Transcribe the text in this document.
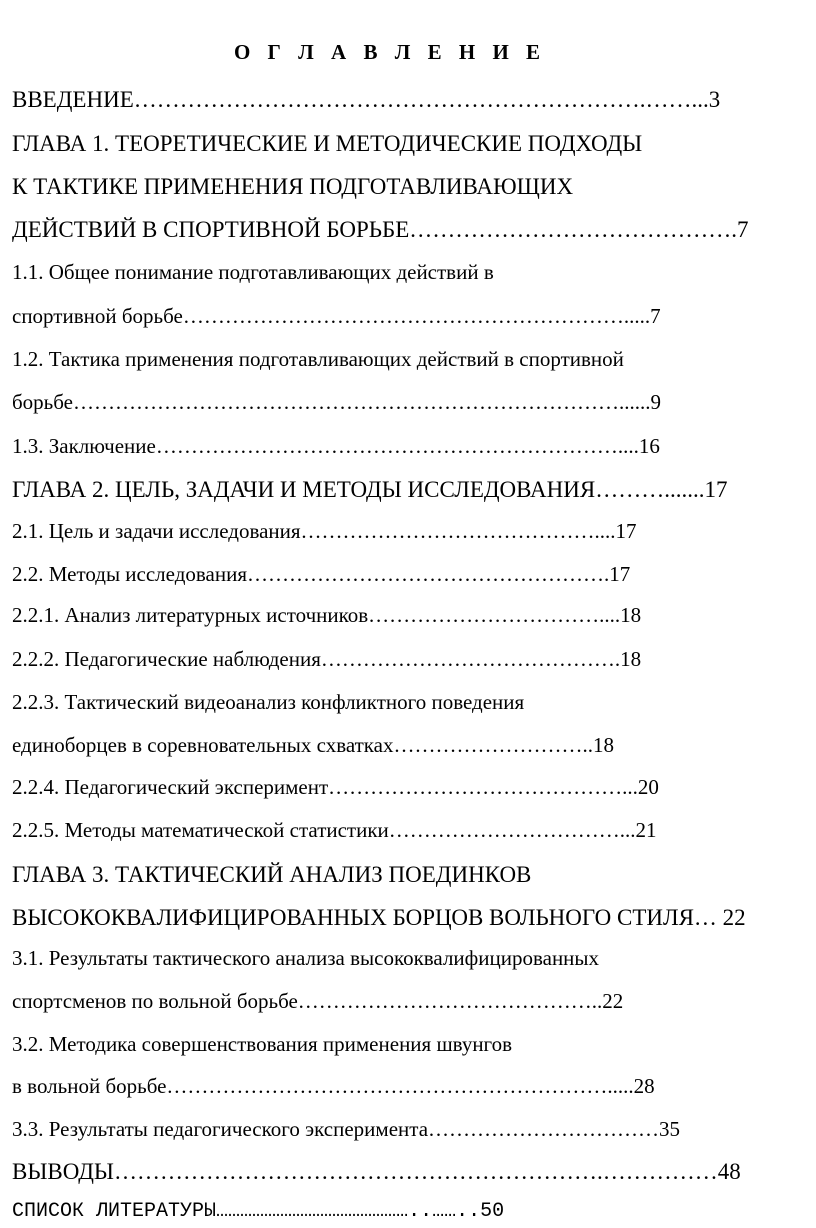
О Г Л А В Л Е Н И Е
ВВЕДЕНИЕ………………………………………………………….……...3
ГЛАВА 1. ТЕОРЕТИЧЕСКИЕ И МЕТОДИЧЕСКИЕ ПОДХОДЫ
К ТАКТИКЕ ПРИМЕНЕНИЯ ПОДГОТАВЛИВАЮЩИХ
ДЕЙСТВИЙ В СПОРТИВНОЙ БОРЬБЕ…………………………………….7
1.1. Общее понимание подготавливающих действий в
спортивной борьбе……………………………………………………….....7
1.2. Тактика применения подготавливающих действий в спортивной
борьбе……………………………………………………………………......9
1.3. Заключение…………………………………………………………....16
ГЛАВА 2. ЦЕЛЬ, ЗАДАЧИ И МЕТОДЫ ИССЛЕДОВАНИЯ……….......17
2.1. Цель и задачи исследования……………………………………....17
2.2. Методы исследования…………………………………………….17
2.2.1. Анализ литературных источников……………………………....18
2.2.2. Педагогические наблюдения…………………………………….18
2.2.3. Тактический видеоанализ конфликтного поведения
единоборцев в соревновательных схватках………………………..18
2.2.4. Педагогический эксперимент……………………………………...20
2.2.5. Методы математической статистики……………………………...21
ГЛАВА 3. ТАКТИЧЕСКИЙ АНАЛИЗ ПОЕДИНКОВ
ВЫСОКОКВАЛИФИЦИРОВАННЫХ БОРЦОВ ВОЛЬНОГО СТИЛЯ… 22
3.1. Результаты тактического анализа высококвалифицированных
спортсменов по вольной борьбе……………………………………..22
3.2. Методика совершенствования применения швунгов
в вольной борьбе……………………………………………………….....28
3.3. Результаты педагогического эксперимента……………………………35
ВЫВОДЫ……………………………………………………….……………48
СПИСОК ЛИТЕРАТУРЫ…………………………………………..……..50
